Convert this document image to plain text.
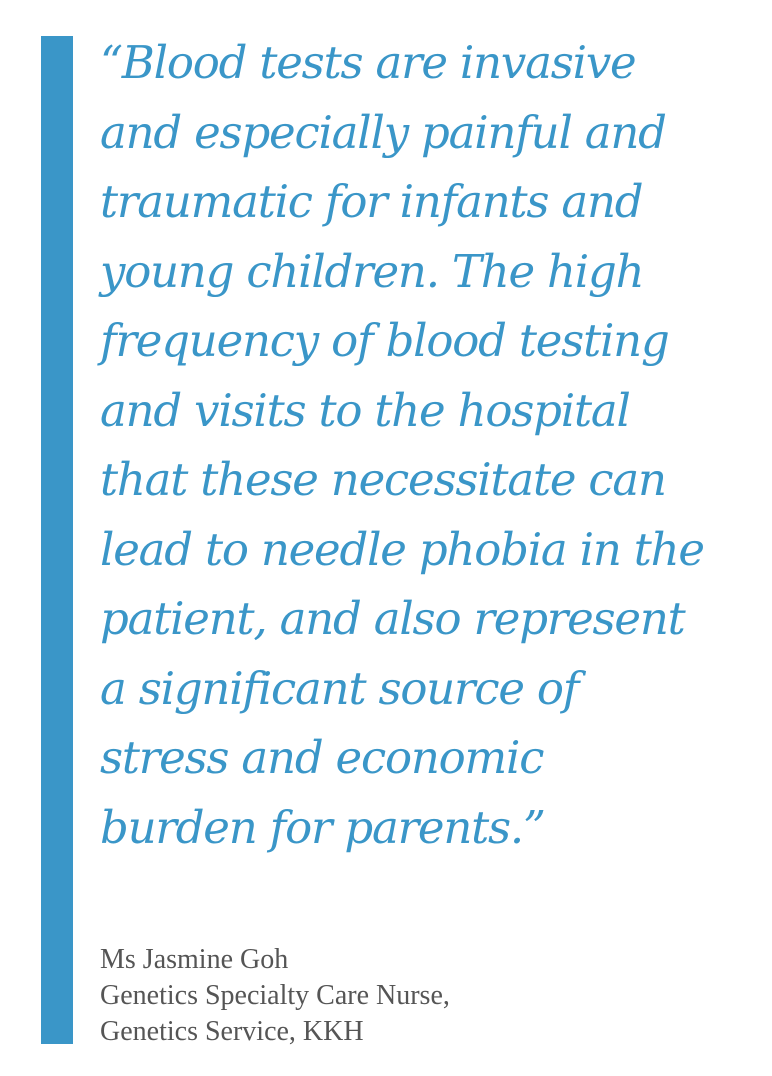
“Blood tests are invasive
and especially painful and
traumatic for infants and
young children. The high
frequency of blood testing
and visits to the hospital
that these necessitate can
lead to needle phobia in the
patient, and also represent
a significant source of
stress and economic
burden for parents.”
Ms Jasmine Goh
Genetics Specialty Care Nurse,
Genetics Service, KKH
